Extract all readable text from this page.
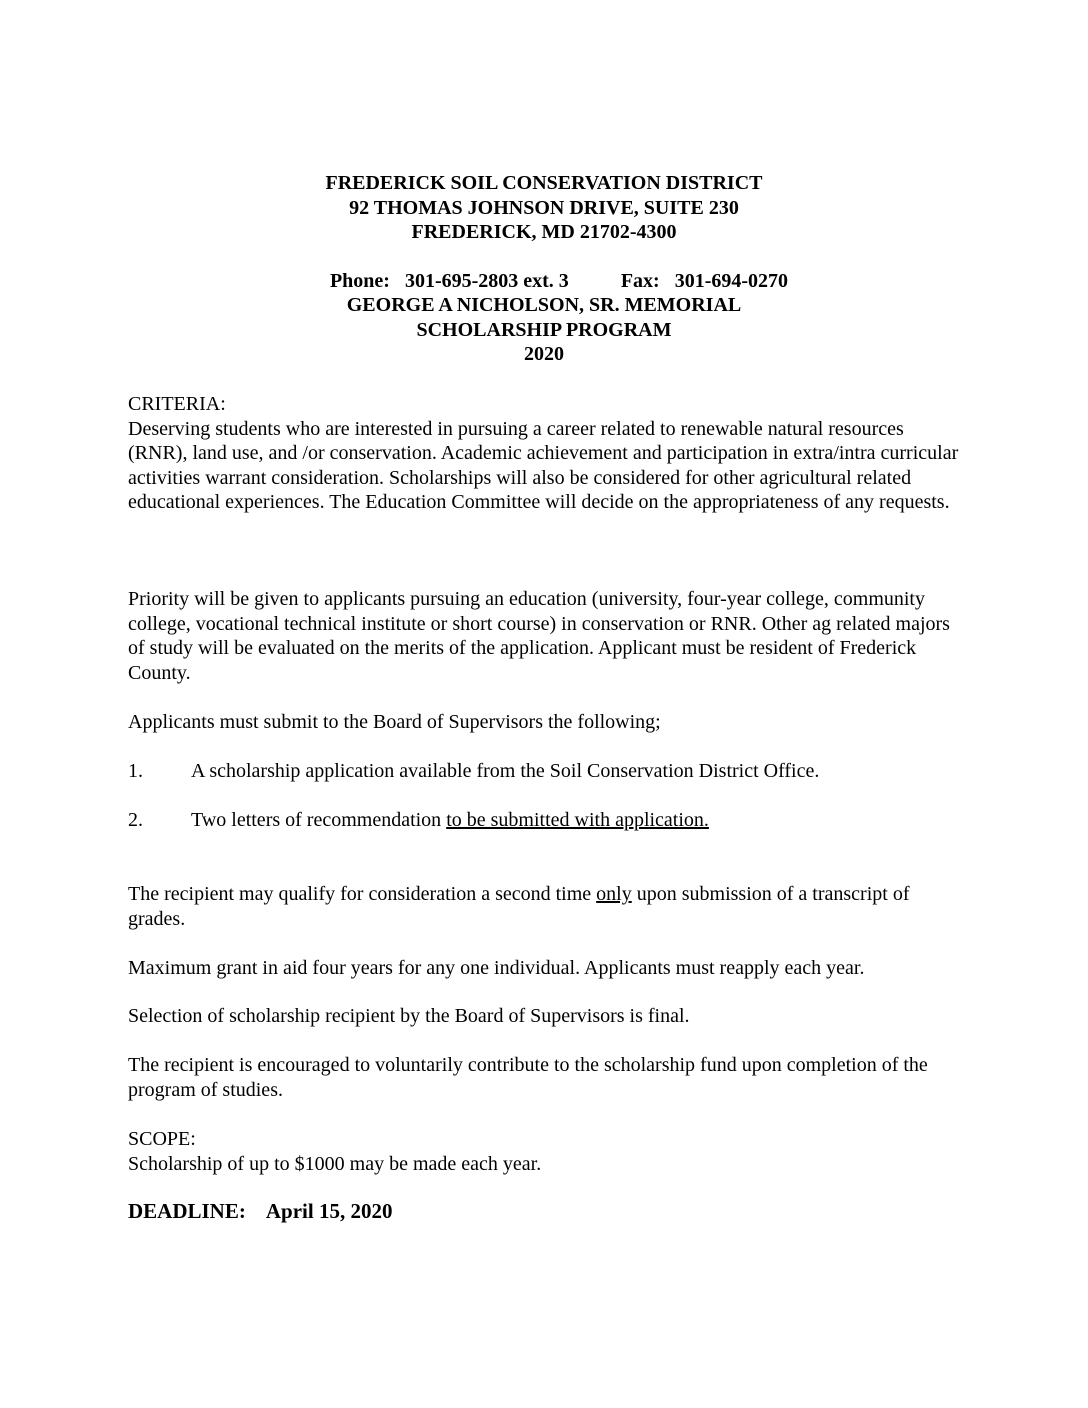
FREDERICK SOIL CONSERVATION DISTRICT
92 THOMAS JOHNSON DRIVE, SUITE 230
FREDERICK, MD 21702-4300

Phone: 301-695-2803 ext. 3	Fax: 301-694-0270

GEORGE A NICHOLSON, SR. MEMORIAL
SCHOLARSHIP PROGRAM
2020
CRITERIA:
Deserving students who are interested in pursuing a career related to renewable natural resources (RNR), land use, and /or conservation. Academic achievement and participation in extra/intra curricular activities warrant consideration. Scholarships will also be considered for other agricultural related educational experiences. The Education Committee will decide on the appropriateness of any requests.
Priority will be given to applicants pursuing an education (university, four-year college, community college, vocational technical institute or short course) in conservation or RNR. Other ag related majors of study will be evaluated on the merits of the application. Applicant must be resident of Frederick County.
Applicants must submit to the Board of Supervisors the following;
1. A scholarship application available from the Soil Conservation District Office.
2. Two letters of recommendation to be submitted with application.
The recipient may qualify for consideration a second time only upon submission of a transcript of grades.
Maximum grant in aid four years for any one individual. Applicants must reapply each year.
Selection of scholarship recipient by the Board of Supervisors is final.
The recipient is encouraged to voluntarily contribute to the scholarship fund upon completion of the program of studies.
SCOPE:
Scholarship of up to $1000 may be made each year.
DEADLINE: April 15, 2020
